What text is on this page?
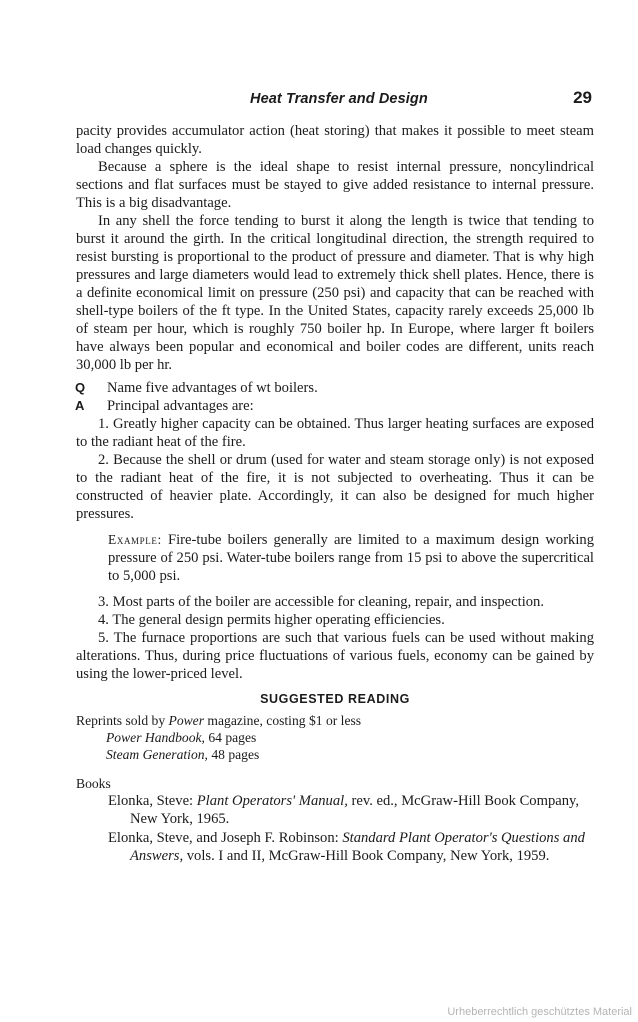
Heat Transfer and Design	29

pacity provides accumulator action (heat storing) that makes it possible to meet steam load changes quickly.

Because a sphere is the ideal shape to resist internal pressure, noncylindrical sections and flat surfaces must be stayed to give added resistance to internal pressure. This is a big disadvantage.

In any shell the force tending to burst it along the length is twice that tending to burst it around the girth. In the critical longitudinal direction, the strength required to resist bursting is proportional to the product of pressure and diameter. That is why high pressures and large diameters would lead to extremely thick shell plates. Hence, there is a definite economical limit on pressure (250 psi) and capacity that can be reached with shell-type boilers of the ft type. In the United States, capacity rarely exceeds 25,000 lb of steam per hour, which is roughly 750 boiler hp. In Europe, where larger ft boilers have always been popular and economical and boiler codes are different, units reach 30,000 lb per hr.

Q	Name five advantages of wt boilers.
A	Principal advantages are:

1. Greatly higher capacity can be obtained. Thus larger heating surfaces are exposed to the radiant heat of the fire.

2. Because the shell or drum (used for water and steam storage only) is not exposed to the radiant heat of the fire, it is not subjected to overheating. Thus it can be constructed of heavier plate. Accordingly, it can also be designed for much higher pressures.

Example: Fire-tube boilers generally are limited to a maximum design working pressure of 250 psi. Water-tube boilers range from 15 psi to above the supercritical to 5,000 psi.

3. Most parts of the boiler are accessible for cleaning, repair, and inspection.

4. The general design permits higher operating efficiencies.

5. The furnace proportions are such that various fuels can be used without making alterations. Thus, during price fluctuations of various fuels, economy can be gained by using the lower-priced level.

SUGGESTED READING
Reprints sold by Power magazine, costing $1 or less
Power Handbook, 64 pages
Steam Generation, 48 pages
Books

Elonka, Steve: Plant Operators' Manual, rev. ed., McGraw-Hill Book Company, New York, 1965.

Elonka, Steve, and Joseph F. Robinson: Standard Plant Operator's Questions and Answers, vols. I and II, McGraw-Hill Book Company, New York, 1959.

Urheberrechtlich geschütztes Material
